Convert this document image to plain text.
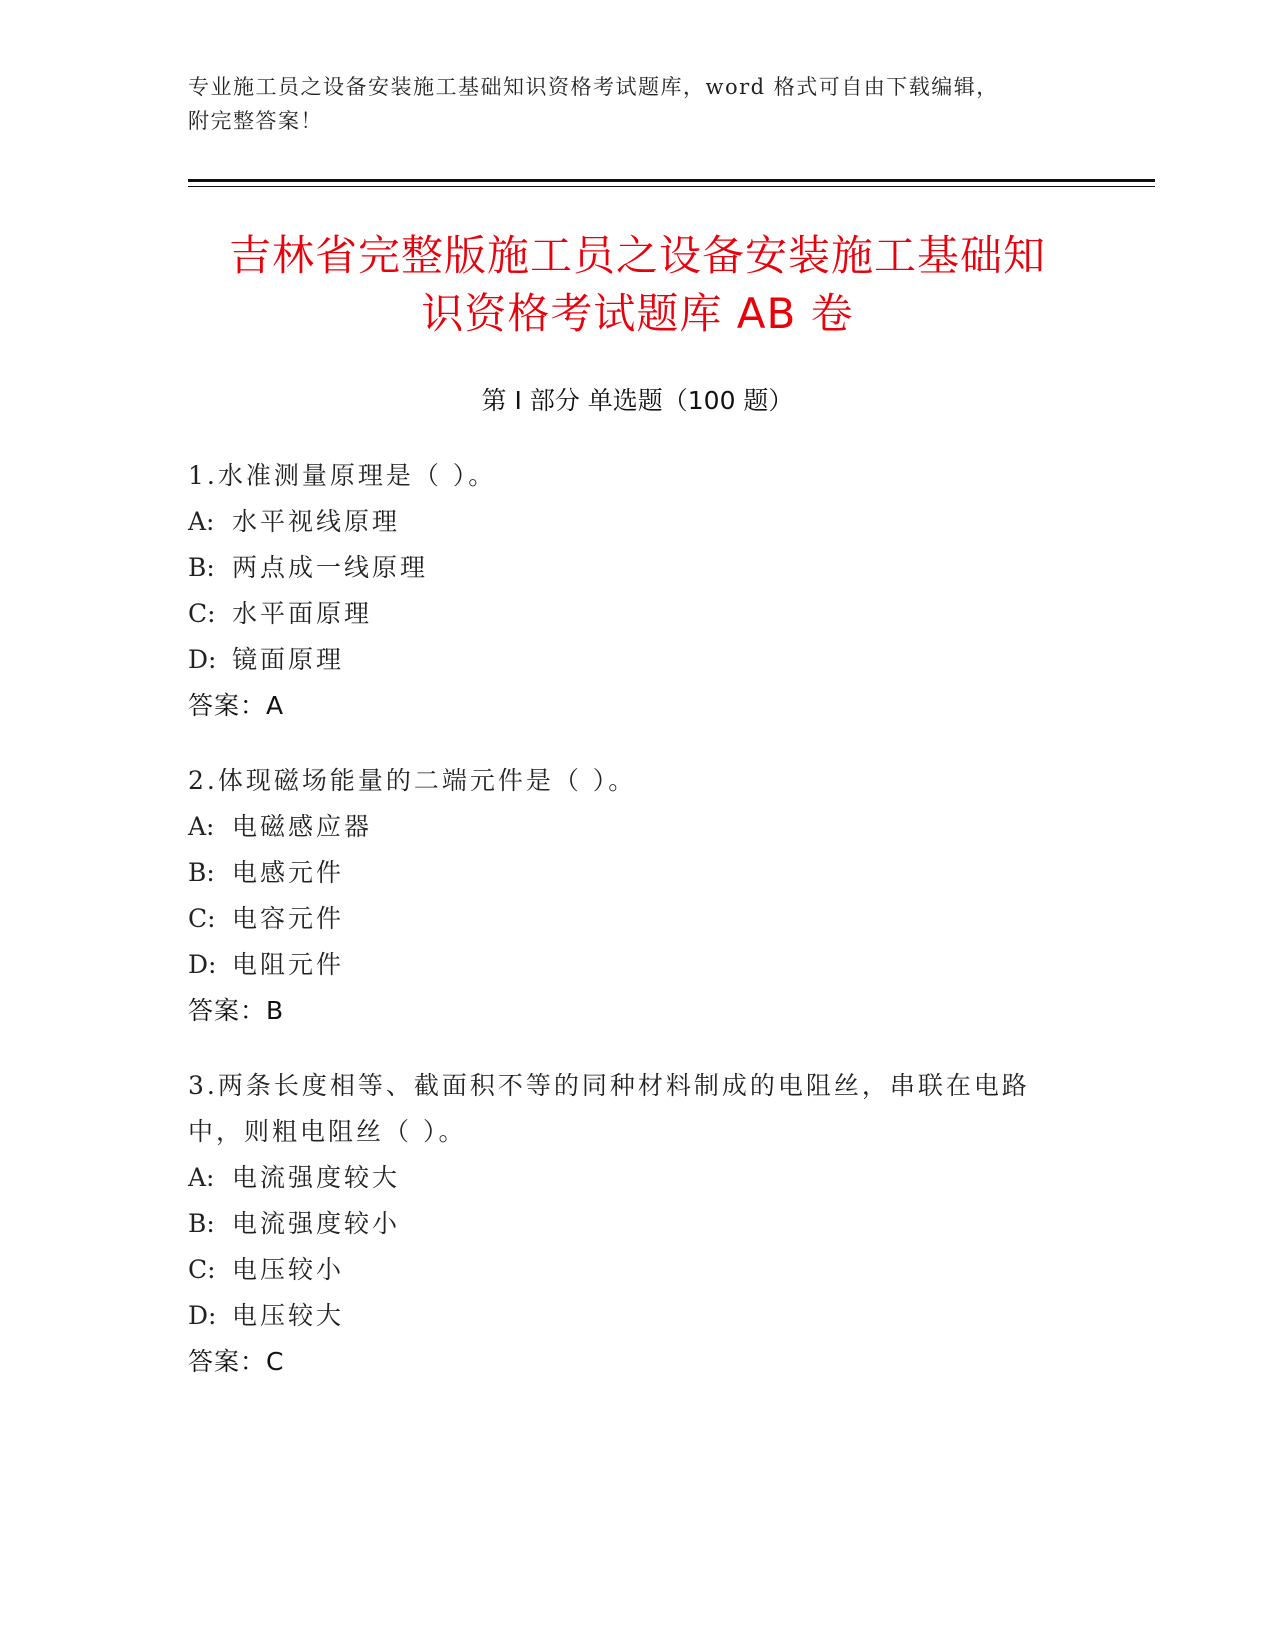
专业施工员之设备安装施工基础知识资格考试题库，word 格式可自由下载编辑，
附完整答案！
吉林省完整版施工员之设备安装施工基础知
识资格考试题库 AB 卷
第 I 部分 单选题（100 题）
1.水准测量原理是（ ）。
A: 水平视线原理
B: 两点成一线原理
C: 水平面原理
D: 镜面原理
答案：A
2.体现磁场能量的二端元件是（ ）。
A: 电磁感应器
B: 电感元件
C: 电容元件
D: 电阻元件
答案：B
3.两条长度相等、截面积不等的同种材料制成的电阻丝，串联在电路
中，则粗电阻丝（ ）。
A: 电流强度较大
B: 电流强度较小
C: 电压较小
D: 电压较大
答案：C
